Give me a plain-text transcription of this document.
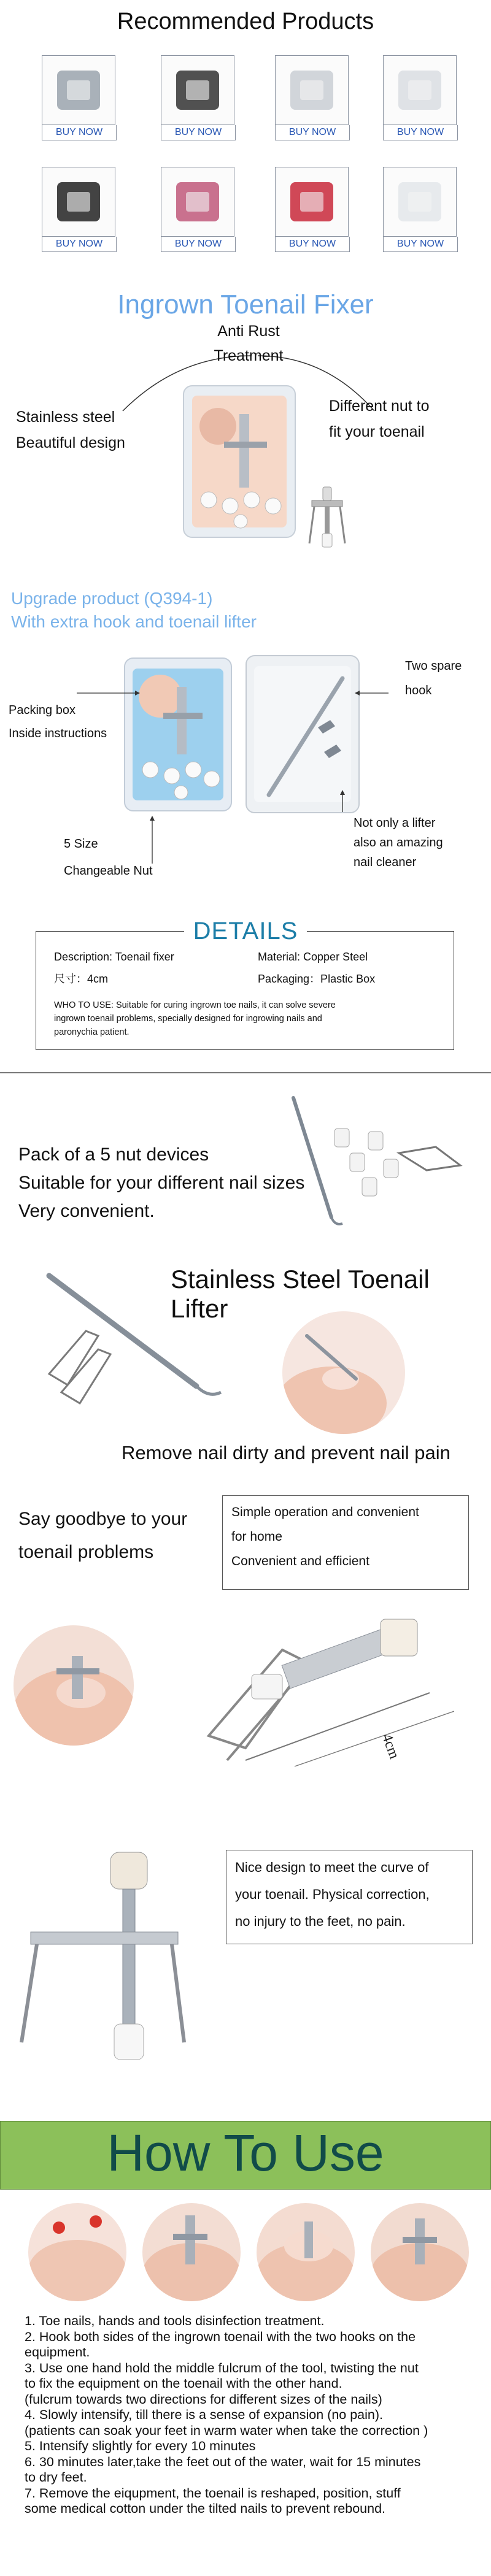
Recommended Products
BUY NOW	BUY NOW	BUY NOW	BUY NOW
BUY NOW	BUY NOW	BUY NOW	BUY NOW
Ingrown Toenail Fixer
Anti Rust
Treatment
Stainless steel
Beautiful design
Different nut to
fit your toenail
Upgrade product (Q394-1)
With extra hook and toenail lifter
Packing box
Inside instructions
Two spare
hook
5 Size
Changeable Nut
Not only a lifter
also an amazing
nail cleaner
DETAILS
Description: Toenail fixer	Material: Copper Steel
尺寸：4cm	Packaging：Plastic Box
WHO TO USE: Suitable for curing ingrown toe nails, it can solve severe
ingrown toenail problems, specially designed for ingrowing nails and
paronychia patient.
Pack of a 5 nut devices
Suitable for your different nail sizes
Very convenient.
Stainless Steel Toenail Lifter
Remove nail dirty and prevent nail pain
Say goodbye to your
toenail problems
Simple operation and convenient
for home
Convenient and efficient
4cm
Nice design to meet the curve of
your toenail. Physical correction,
no injury to the feet, no pain.
How To Use
1. Toe nails, hands and tools disinfection treatment.
2. Hook both sides of the ingrown toenail with the two hooks on the
equipment.
3. Use one hand hold the middle fulcrum of the tool, twisting the nut
to fix the equipment on the toenail with the other hand.
(fulcrum towards two directions for different sizes of the nails)
4. Slowly intensify, till there is a sense of expansion (no pain).
(patients can soak your feet in warm water when take the correction )
5. Intensify slightly for every 10 minutes
6. 30 minutes later,take the feet out of the water, wait for 15 minutes
to dry feet.
7. Remove the eiqupment, the toenail is reshaped, position, stuff
some medical cotton under the tilted nails to prevent rebound.
